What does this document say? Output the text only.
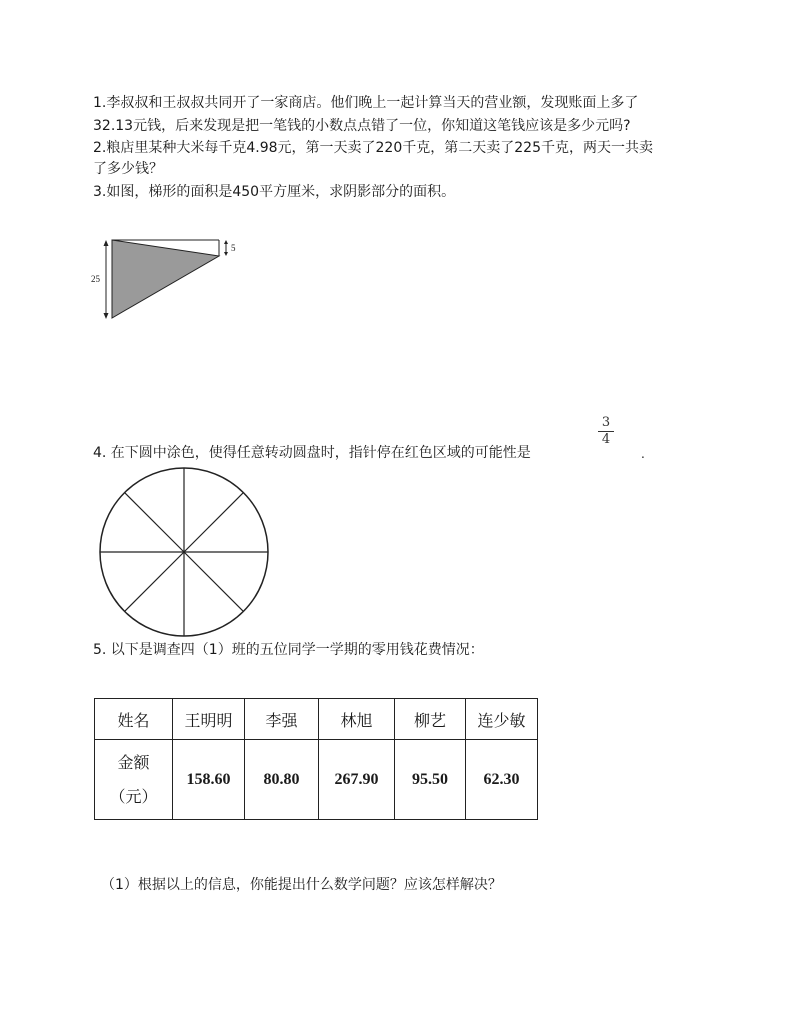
1.李叔叔和王叔叔共同开了一家商店。他们晚上一起计算当天的营业额，发现账面上多了
32.13元钱，后来发现是把一笔钱的小数点点错了一位，你知道这笔钱应该是多少元吗?
2.粮店里某种大米每千克4.98元，第一天卖了220千克，第二天卖了225千克，两天一共卖
了多少钱？
3.如图，梯形的面积是450平方厘米，求阴影部分的面积。
25
5
4. 在下圆中涂色，使得任意转动圆盘时，指针停在红色区域的可能性是
3
4
.
5. 以下是调查四（1）班的五位同学一学期的零用钱花费情况：
姓名	王明明	李强	林旭	柳艺	连少敏

金额
（元）	158.60	80.80	267.90	95.50	62.30
（1）根据以上的信息，你能提出什么数学问题？应该怎样解决？
